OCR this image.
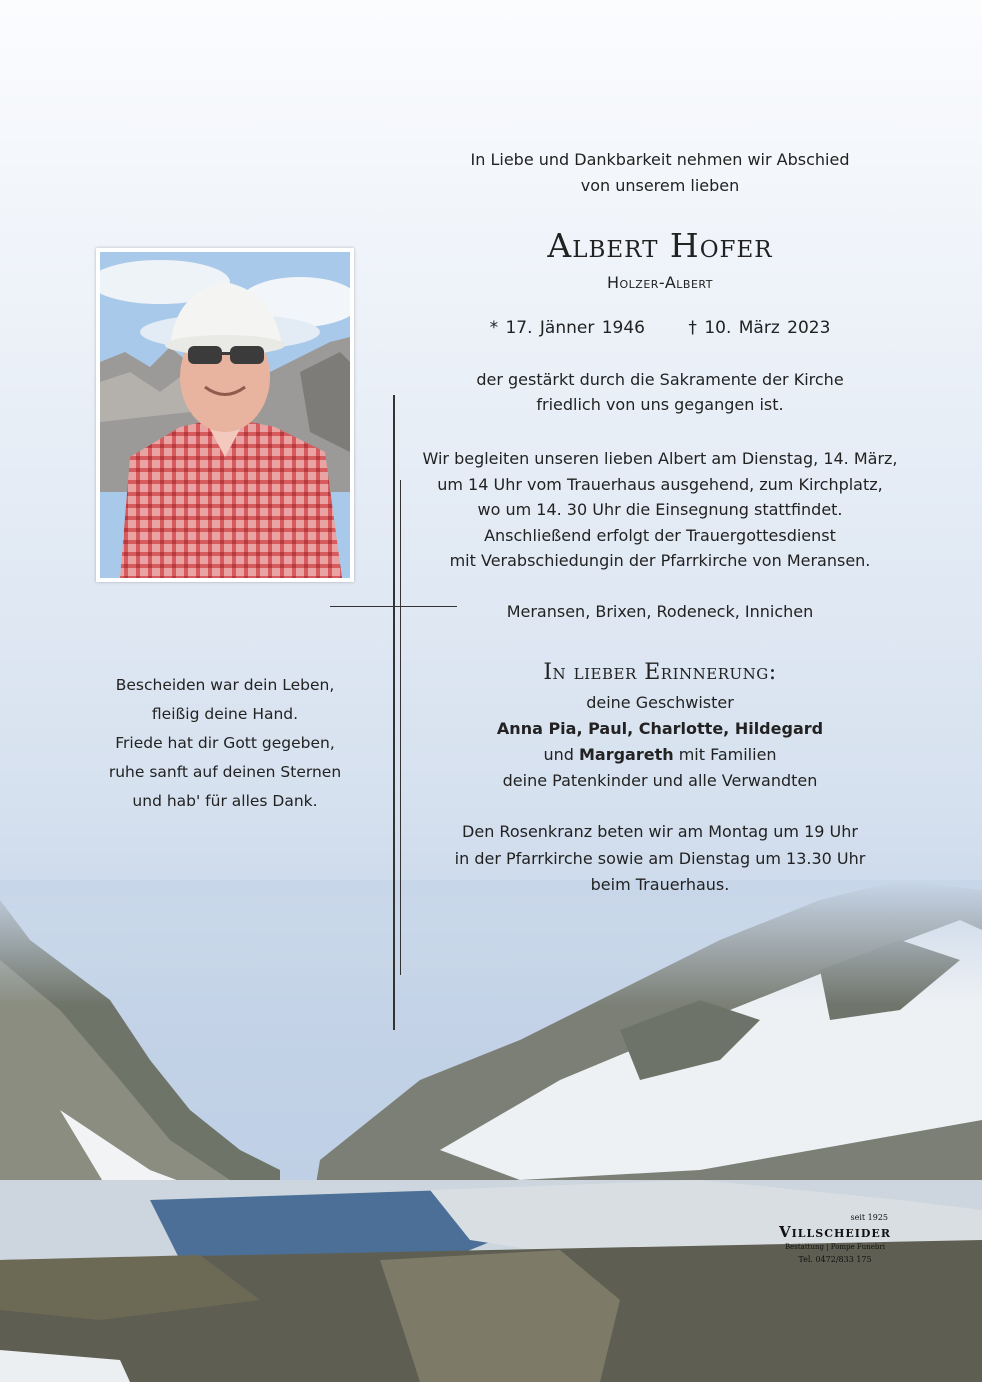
In Liebe und Dankbarkeit nehmen wir Abschied
von unserem lieben
Albert Hofer
Holzer-Albert
* 17. Jänner 1946	† 10. März 2023
der gestärkt durch die Sakramente der Kirche
friedlich von uns gegangen ist.
Wir begleiten unseren lieben Albert am Dienstag, 14. März,
um 14 Uhr vom Trauerhaus ausgehend, zum Kirchplatz,
wo um 14. 30 Uhr die Einsegnung stattfindet.
Anschließend erfolgt der Trauergottesdienst
mit Verabschiedungin der Pfarrkirche von Meransen.
Meransen, Brixen, Rodeneck, Innichen
In lieber Erinnerung:
deine Geschwister
Anna Pia, Paul, Charlotte, Hildegard
und Margareth mit Familien
deine Patenkinder und alle Verwandten
Den Rosenkranz beten wir am Montag um 19 Uhr
in der Pfarrkirche sowie am Dienstag um 13.30 Uhr
beim Trauerhaus.
Bescheiden war dein Leben,
fleißig deine Hand.
Friede hat dir Gott gegeben,
ruhe sanft auf deinen Sternen
und hab' für alles Dank.
seit 1925
Villscheider
Bestattung | Pompe Funebri
Tel. 0472/833 175
